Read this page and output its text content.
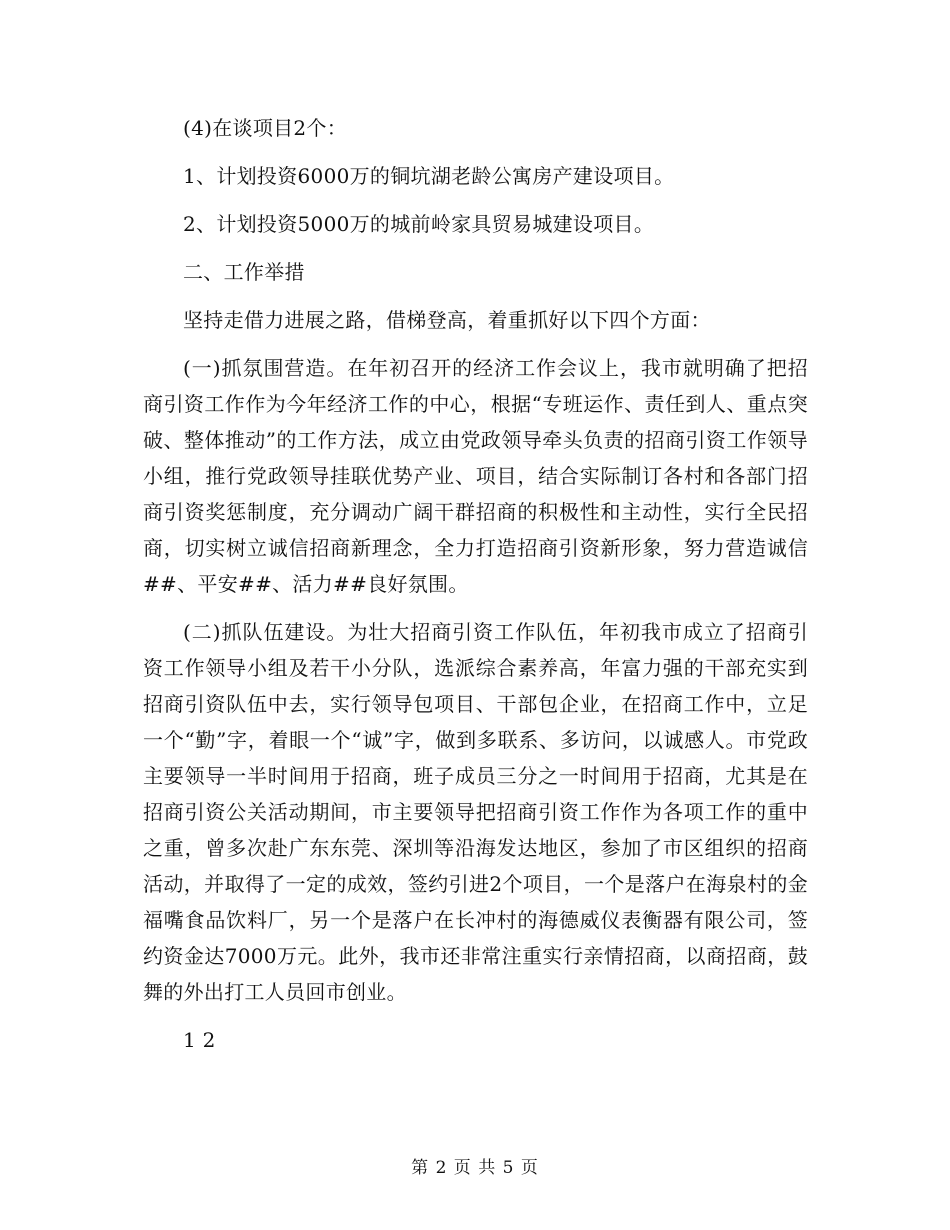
(4)在谈项目2个：

1、计划投资6000万的铜坑湖老龄公寓房产建设项目。

2、计划投资5000万的城前岭家具贸易城建设项目。

二、工作举措

坚持走借力进展之路，借梯登高，着重抓好以下四个方面：

(一)抓氛围营造。在年初召开的经济工作会议上，我市就明确了把招商引资工作作为今年经济工作的中心，根据“专班运作、责任到人、重点突破、整体推动”的工作方法，成立由党政领导牵头负责的招商引资工作领导小组，推行党政领导挂联优势产业、项目，结合实际制订各村和各部门招商引资奖惩制度，充分调动广阔干群招商的积极性和主动性，实行全民招商，切实树立诚信招商新理念，全力打造招商引资新形象，努力营造诚信##、平安##、活力##良好氛围。

(二)抓队伍建设。为壮大招商引资工作队伍，年初我市成立了招商引资工作领导小组及若干小分队，选派综合素养高，年富力强的干部充实到招商引资队伍中去，实行领导包项目、干部包企业，在招商工作中，立足一个“勤”字，着眼一个“诚”字，做到多联系、多访问，以诚感人。市党政主要领导一半时间用于招商，班子成员三分之一时间用于招商，尤其是在招商引资公关活动期间，市主要领导把招商引资工作作为各项工作的重中之重，曾多次赴广东东莞、深圳等沿海发达地区，参加了市区组织的招商活动，并取得了一定的成效，签约引进2个项目，一个是落户在海泉村的金福嘴食品饮料厂，另一个是落户在长冲村的海德威仪表衡器有限公司，签约资金达7000万元。此外，我市还非常注重实行亲情招商，以商招商，鼓舞的外出打工人员回市创业。

1 2

第 2 页 共 5 页
